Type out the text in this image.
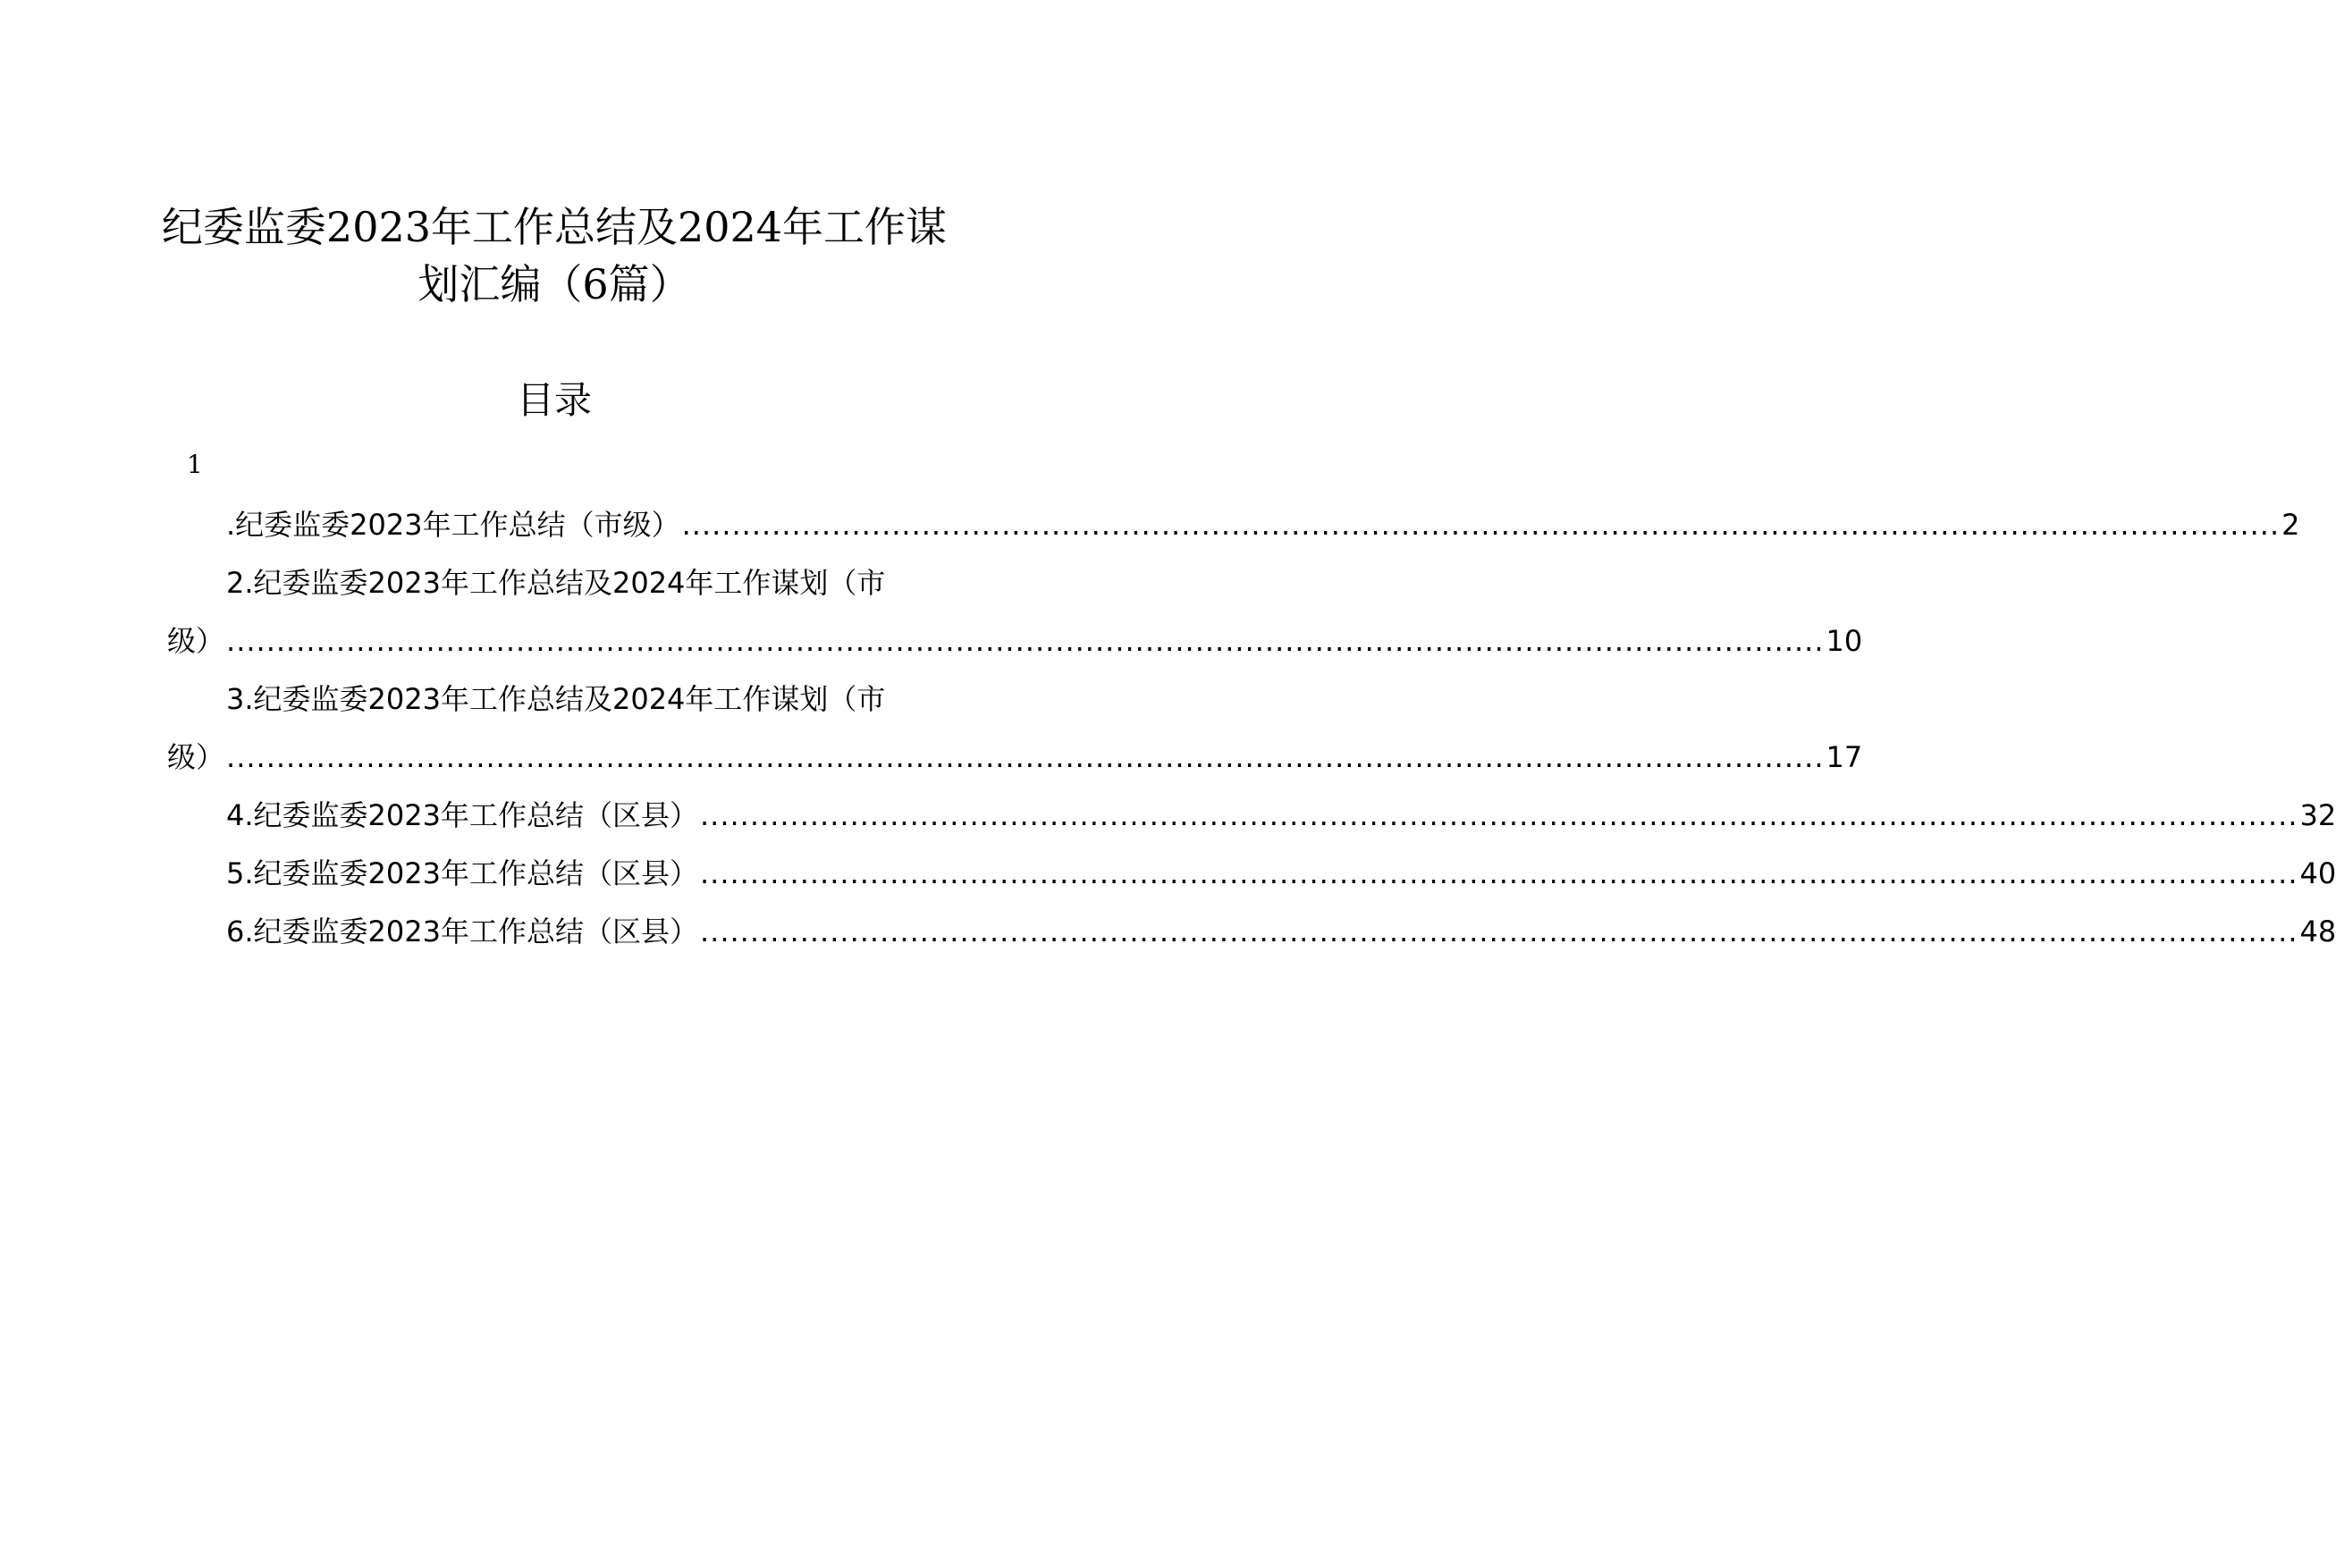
纪委监委2023年工作总结及2024年工作谋
划汇编（6篇）
目录
1
.纪委监委2023年工作总结（市级） ................................................................................................................................................................ 2
2.纪委监委2023年工作总结及2024年工作谋划（市
级） ................................................................................................................................................................ 10
3.纪委监委2023年工作总结及2024年工作谋划（市
级） ................................................................................................................................................................ 17
4.纪委监委2023年工作总结（区县） ................................................................................................................................................................ 32
5.纪委监委2023年工作总结（区县） ................................................................................................................................................................ 40
6.纪委监委2023年工作总结（区县） ................................................................................................................................................................ 48
